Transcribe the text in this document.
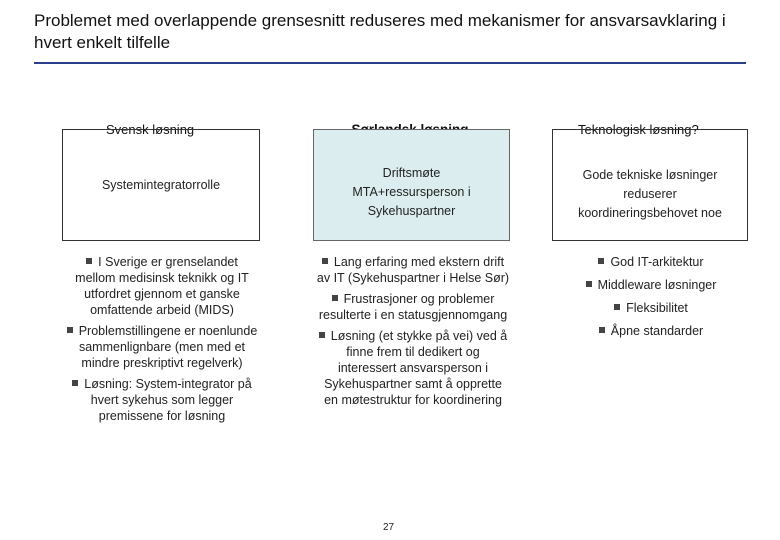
Problemet med overlappende grensesnitt reduseres med mekanismer for ansvarsavklaring i hvert enkelt tilfelle
Svensk løsning
Systemintegratorrolle
Driftsmøte MTA+ressursperson i Sykehuspartner
Teknologisk løsning?
Gode tekniske løsninger reduserer koordineringsbehovet noe
I Sverige er grenselandet mellom medisinsk teknikk og IT utfordret gjennom et ganske omfattende arbeid (MIDS)
Problemstillingene er noenlunde sammenlignbare (men med et mindre preskriptivt regelverk)
Løsning: System-integrator på hvert sykehus som legger premissene for løsning
Lang erfaring med ekstern drift av IT (Sykehuspartner i Helse Sør)
Frustrasjoner og problemer resulterte i en statusgjennomgang
Løsning (et stykke på vei) ved å finne frem til dedikert og interessert ansvarsperson i Sykehuspartner samt å opprette en møtestruktur for koordinering
God IT-arkitektur
Middleware løsninger
Fleksibilitet
Åpne standarder
27
